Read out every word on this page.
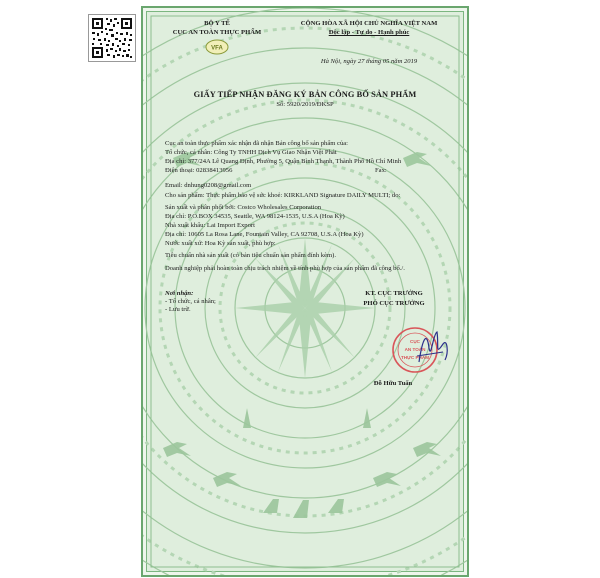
BỘ Y TẾ
CỤC AN TOÀN THỰC PHẨM
VFA
CỘNG HÒA XÃ HỘI CHỦ NGHĨA VIỆT NAM
Độc lập - Tự do - Hạnh phúc
Hà Nội, ngày 27 tháng 05 năm 2019
GIẤY TIẾP NHẬN ĐĂNG KÝ BẢN CÔNG BỐ SẢN PHẨM
Số: 5920/2019/ĐKSP
Cục an toàn thực phẩm xác nhận đã nhận Bản công bố sản phẩm của:
Tổ chức, cá nhân: Công Ty TNHH Dịch Vụ Giao Nhận Việt Phát
Địa chỉ: 377/24A Lê Quang Định, Phường 5, Quận Bình Thạnh, Thành Phố Hồ Chí Minh
Điện thoại: 02838413956	Fax:
Email: dnhung0208@gmail.com
Cho sản phẩm: Thực phẩm bảo vệ sức khoẻ: KIRKLAND Signature DAILY MULTI; do:
Sản xuất và phân phối bởi: Costco Wholesales Corporation
Địa chỉ: P.O.BOX 34535, Seattle, WA 98124-1535, U.S.A (Hoa Kỳ)
Nhà xuất khẩu: Lai Import Export
Địa chỉ: 10605 La Rosa Lane, Fountain Valley, CA 92708, U.S.A (Hoa Kỳ)
Nước xuất xứ: Hoa Kỳ sản xuất, phù hợp:
Tiêu chuẩn nhà sản xuất (có bản tiêu chuẩn sản phẩm đính kèm).
Doanh nghiệp phải hoàn toàn chịu trách nhiệm về tính phù hợp của sản phẩm đã công bố./.
Nơi nhận:
- Tổ chức, cá nhân;
- Lưu trữ.
KT. CỤC TRƯỞNG
PHÓ CỤC TRƯỞNG
CỤC
AN TOÀN
THỰC PHẨM
Đỗ Hữu Tuấn
